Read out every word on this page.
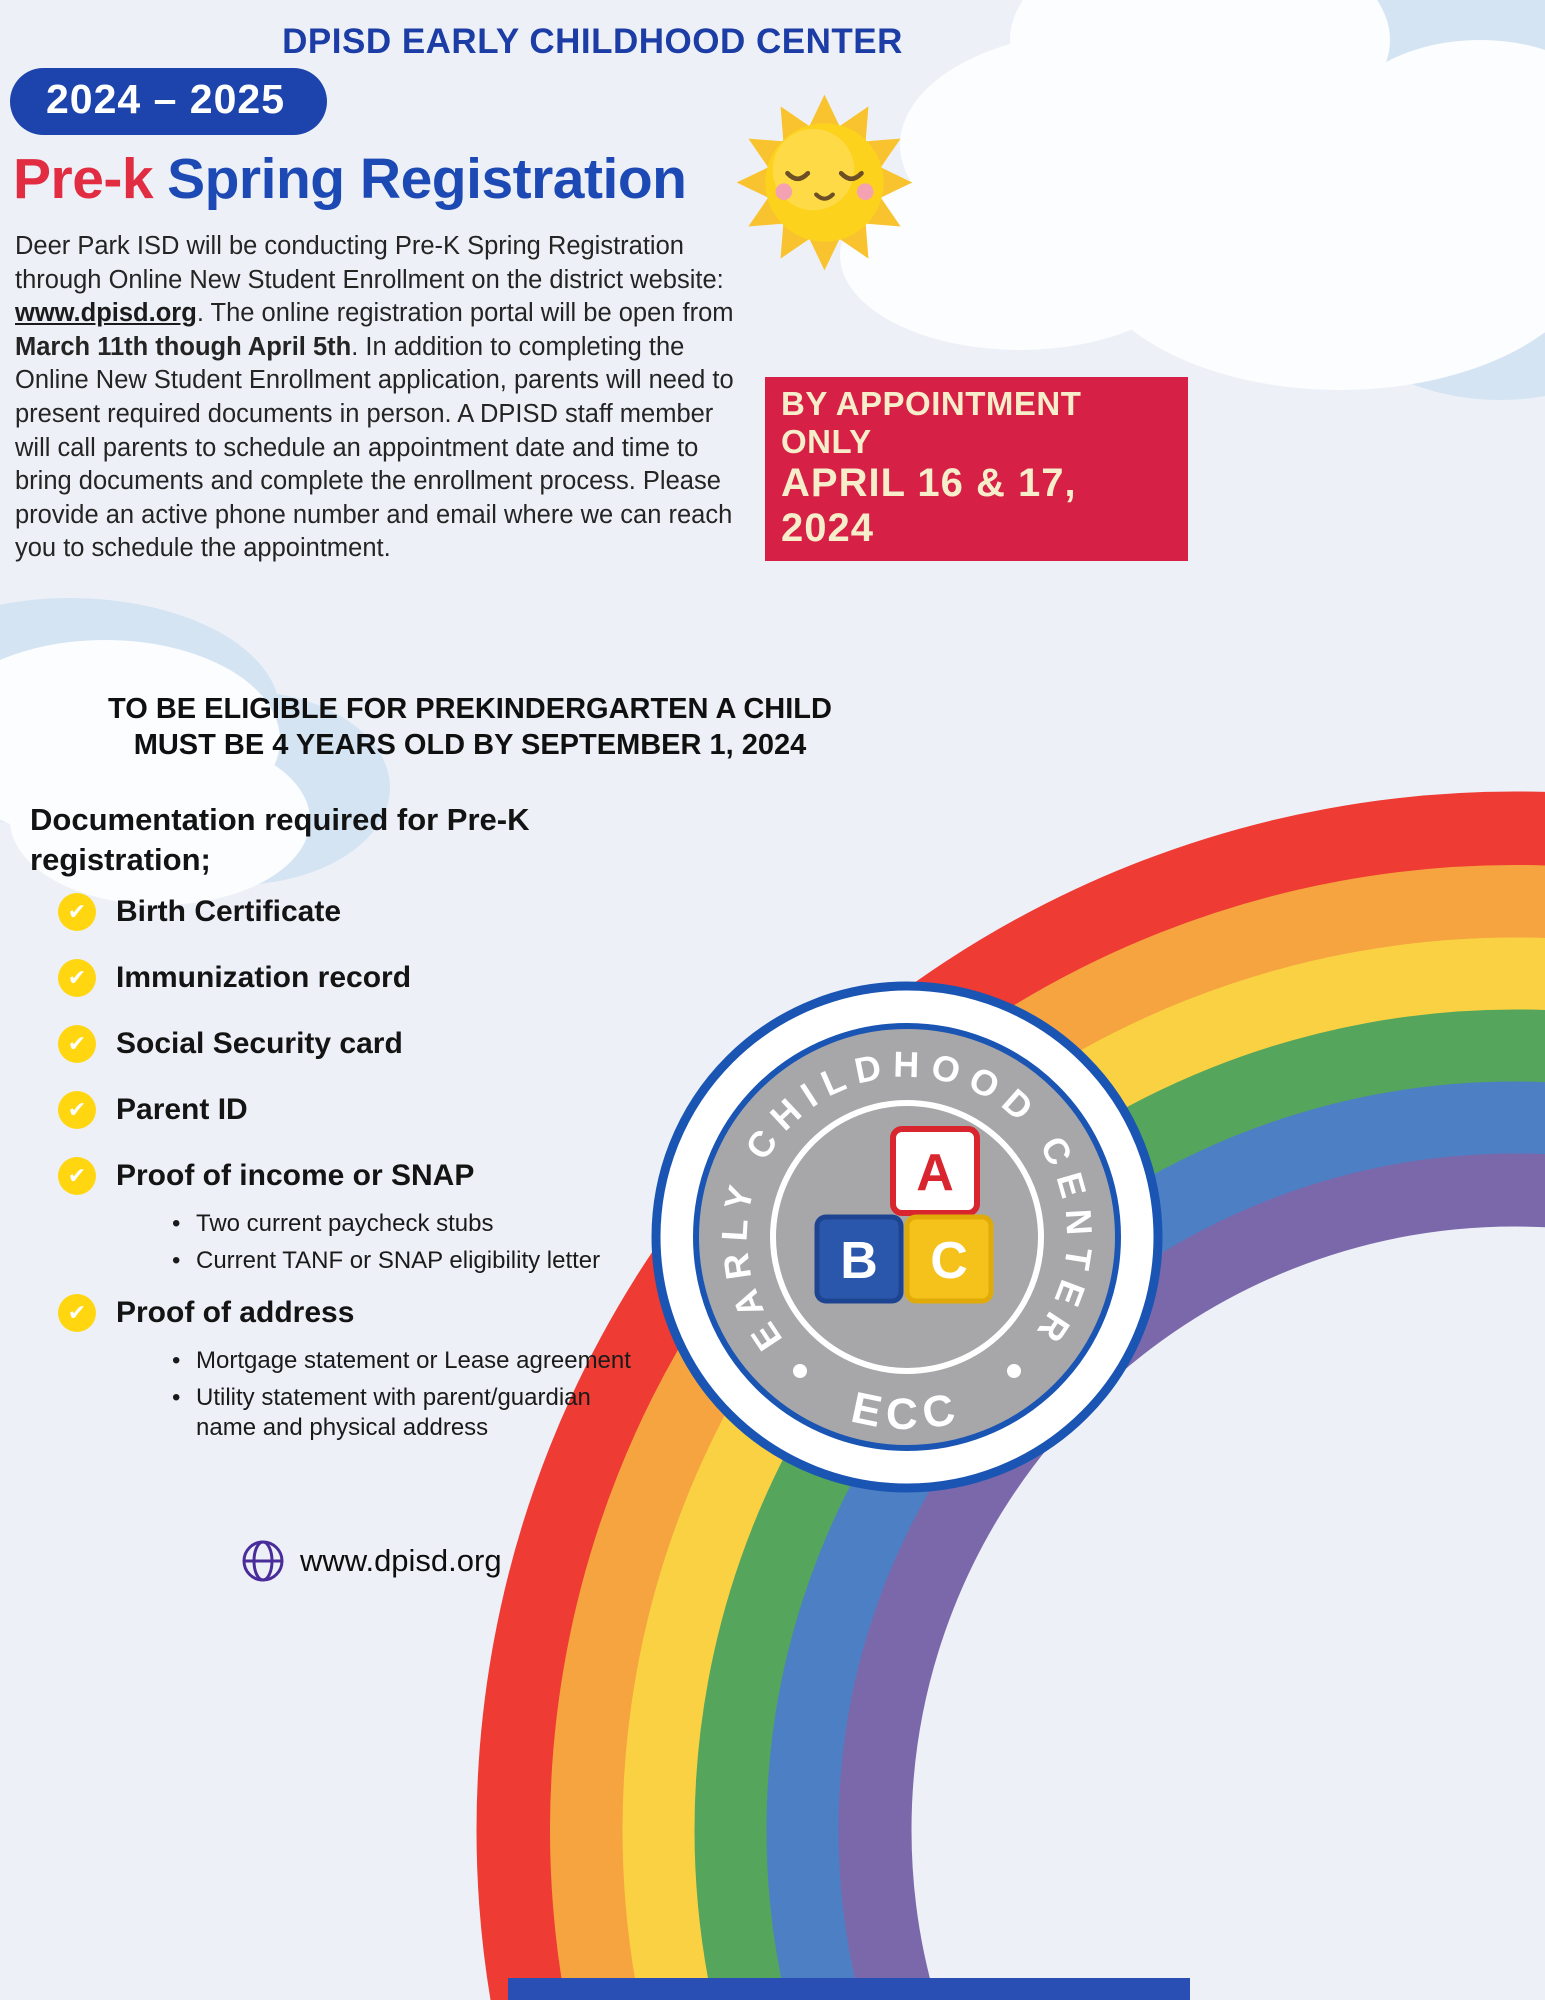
DPISD EARLY CHILDHOOD CENTER
2024 – 2025
Pre-k Spring Registration

Deer Park ISD will be conducting Pre-K Spring Registration through Online New Student Enrollment on the district website: www.dpisd.org. The online registration portal will be open from March 11th though April 5th. In addition to completing the Online New Student Enrollment application, parents will need to present required documents in person. A DPISD staff member will call parents to schedule an appointment date and time to bring documents and complete the enrollment process. Please provide an active phone number and email where we can reach you to schedule the appointment.

BY APPOINTMENT ONLY
APRIL 16 & 17, 2024
TO BE ELIGIBLE FOR PREKINDERGARTEN A CHILD
MUST BE 4 YEARS OLD BY SEPTEMBER 1, 2024
Documentation required for Pre-K registration;
✔ Birth Certificate
✔ Immunization record
✔ Social Security card
✔ Parent ID
✔ Proof of income or SNAP
• Two current paycheck stubs
• Current TANF or SNAP eligibility letter
✔ Proof of address
• Mortgage statement or Lease agreement
• Utility statement with parent/guardian name and physical address
EARLY CHILDHOOD CENTER
ECC
A
B C
www.dpisd.org
